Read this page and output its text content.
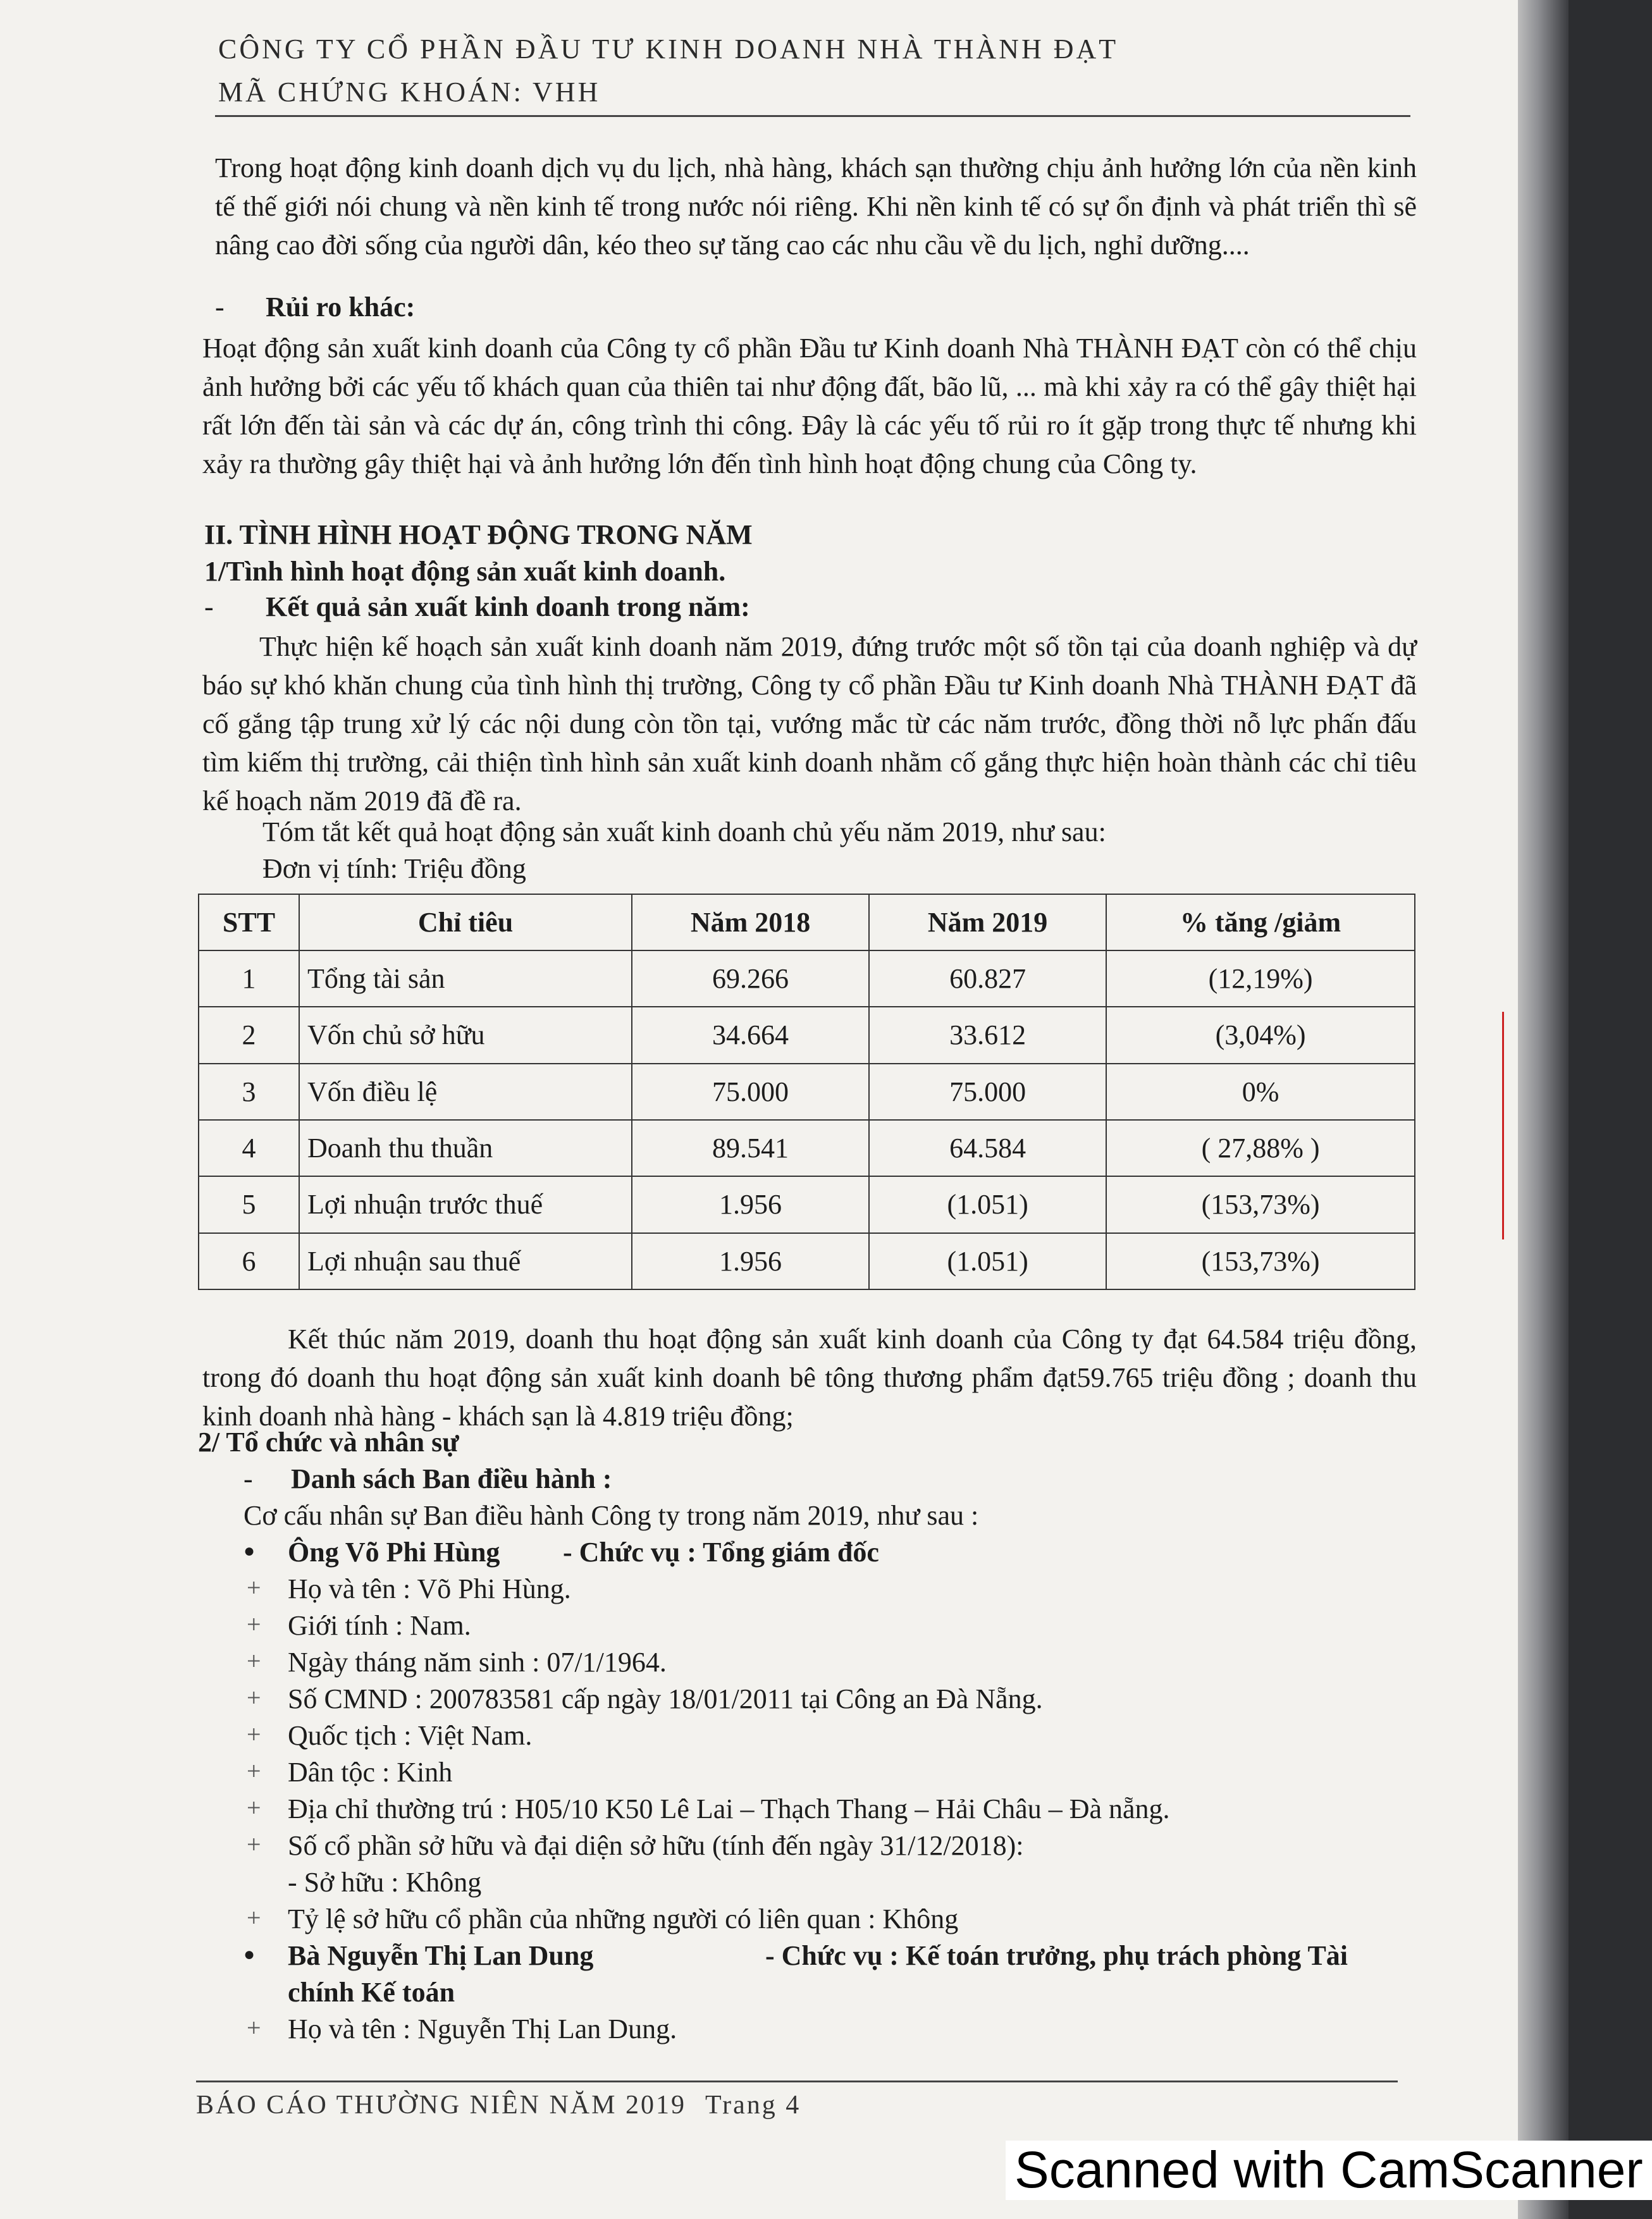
CÔNG TY CỔ PHẦN ĐẦU TƯ KINH DOANH NHÀ THÀNH ĐẠT
MÃ CHỨNG KHOÁN: VHH
Trong hoạt động kinh doanh dịch vụ du lịch, nhà hàng, khách sạn thường chịu ảnh hưởng lớn của nền kinh tế thế giới nói chung và nền kinh tế trong nước nói riêng. Khi nền kinh tế có sự ổn định và phát triển thì sẽ nâng cao đời sống của người dân, kéo theo sự tăng cao các nhu cầu về du lịch, nghỉ dưỡng....
- Rủi ro khác:
Hoạt động sản xuất kinh doanh của Công ty cổ phần Đầu tư Kinh doanh Nhà THÀNH ĐẠT còn có thể chịu ảnh hưởng bởi các yếu tố khách quan của thiên tai như động đất, bão lũ, ... mà khi xảy ra có thể gây thiệt hại rất lớn đến tài sản và các dự án, công trình thi công. Đây là các yếu tố rủi ro ít gặp trong thực tế nhưng khi xảy ra thường gây thiệt hại và ảnh hưởng lớn đến tình hình hoạt động chung của Công ty.
II. TÌNH HÌNH HOẠT ĐỘNG TRONG NĂM
1/Tình hình hoạt động sản xuất kinh doanh.
- Kết quả sản xuất kinh doanh trong năm:
Thực hiện kế hoạch sản xuất kinh doanh năm 2019, đứng trước một số tồn tại của doanh nghiệp và dự báo sự khó khăn chung của tình hình thị trường, Công ty cổ phần Đầu tư Kinh doanh Nhà THÀNH ĐẠT đã cố gắng tập trung xử lý các nội dung còn tồn tại, vướng mắc từ các năm trước, đồng thời nỗ lực phấn đấu tìm kiếm thị trường, cải thiện tình hình sản xuất kinh doanh nhằm cố gắng thực hiện hoàn thành các chỉ tiêu kế hoạch năm 2019 đã đề ra.
Tóm tắt kết quả hoạt động sản xuất kinh doanh chủ yếu năm 2019, như sau:
Đơn vị tính: Triệu đồng
STT	Chỉ tiêu	Năm 2018	Năm 2019	% tăng /giảm
1	Tổng tài sản	69.266	60.827	(12,19%)
2	Vốn chủ sở hữu	34.664	33.612	(3,04%)
3	Vốn điều lệ	75.000	75.000	0%
4	Doanh thu thuần	89.541	64.584	( 27,88% )
5	Lợi nhuận trước thuế	1.956	(1.051)	(153,73%)
6	Lợi nhuận sau thuế	1.956	(1.051)	(153,73%)
Kết thúc năm 2019, doanh thu hoạt động sản xuất kinh doanh của Công ty đạt 64.584 triệu đồng, trong đó doanh thu hoạt động sản xuất kinh doanh bê tông thương phẩm đạt59.765 triệu đồng ; doanh thu kinh doanh nhà hàng - khách sạn là 4.819 triệu đồng;
2/ Tổ chức và nhân sự
- Danh sách Ban điều hành :
Cơ cấu nhân sự Ban điều hành Công ty trong năm 2019, như sau :
● Ông Võ Phi Hùng - Chức vụ : Tổng giám đốc
+ Họ và tên : Võ Phi Hùng.
+ Giới tính : Nam.
+ Ngày tháng năm sinh : 07/1/1964.
+ Số CMND : 200783581 cấp ngày 18/01/2011 tại Công an Đà Nẵng.
+ Quốc tịch : Việt Nam.
+ Dân tộc : Kinh
+ Địa chỉ thường trú : H05/10 K50 Lê Lai – Thạch Thang – Hải Châu – Đà nẵng.
+ Số cổ phần sở hữu và đại diện sở hữu (tính đến ngày 31/12/2018):
- Sở hữu : Không
+ Tỷ lệ sở hữu cổ phần của những người có liên quan : Không
● Bà Nguyễn Thị Lan Dung	- Chức vụ : Kế toán trưởng, phụ trách phòng Tài
chính Kế toán
+ Họ và tên : Nguyễn Thị Lan Dung.
BÁO CÁO THƯỜNG NIÊN NĂM 2019 Trang 4
Scanned with CamScanner
